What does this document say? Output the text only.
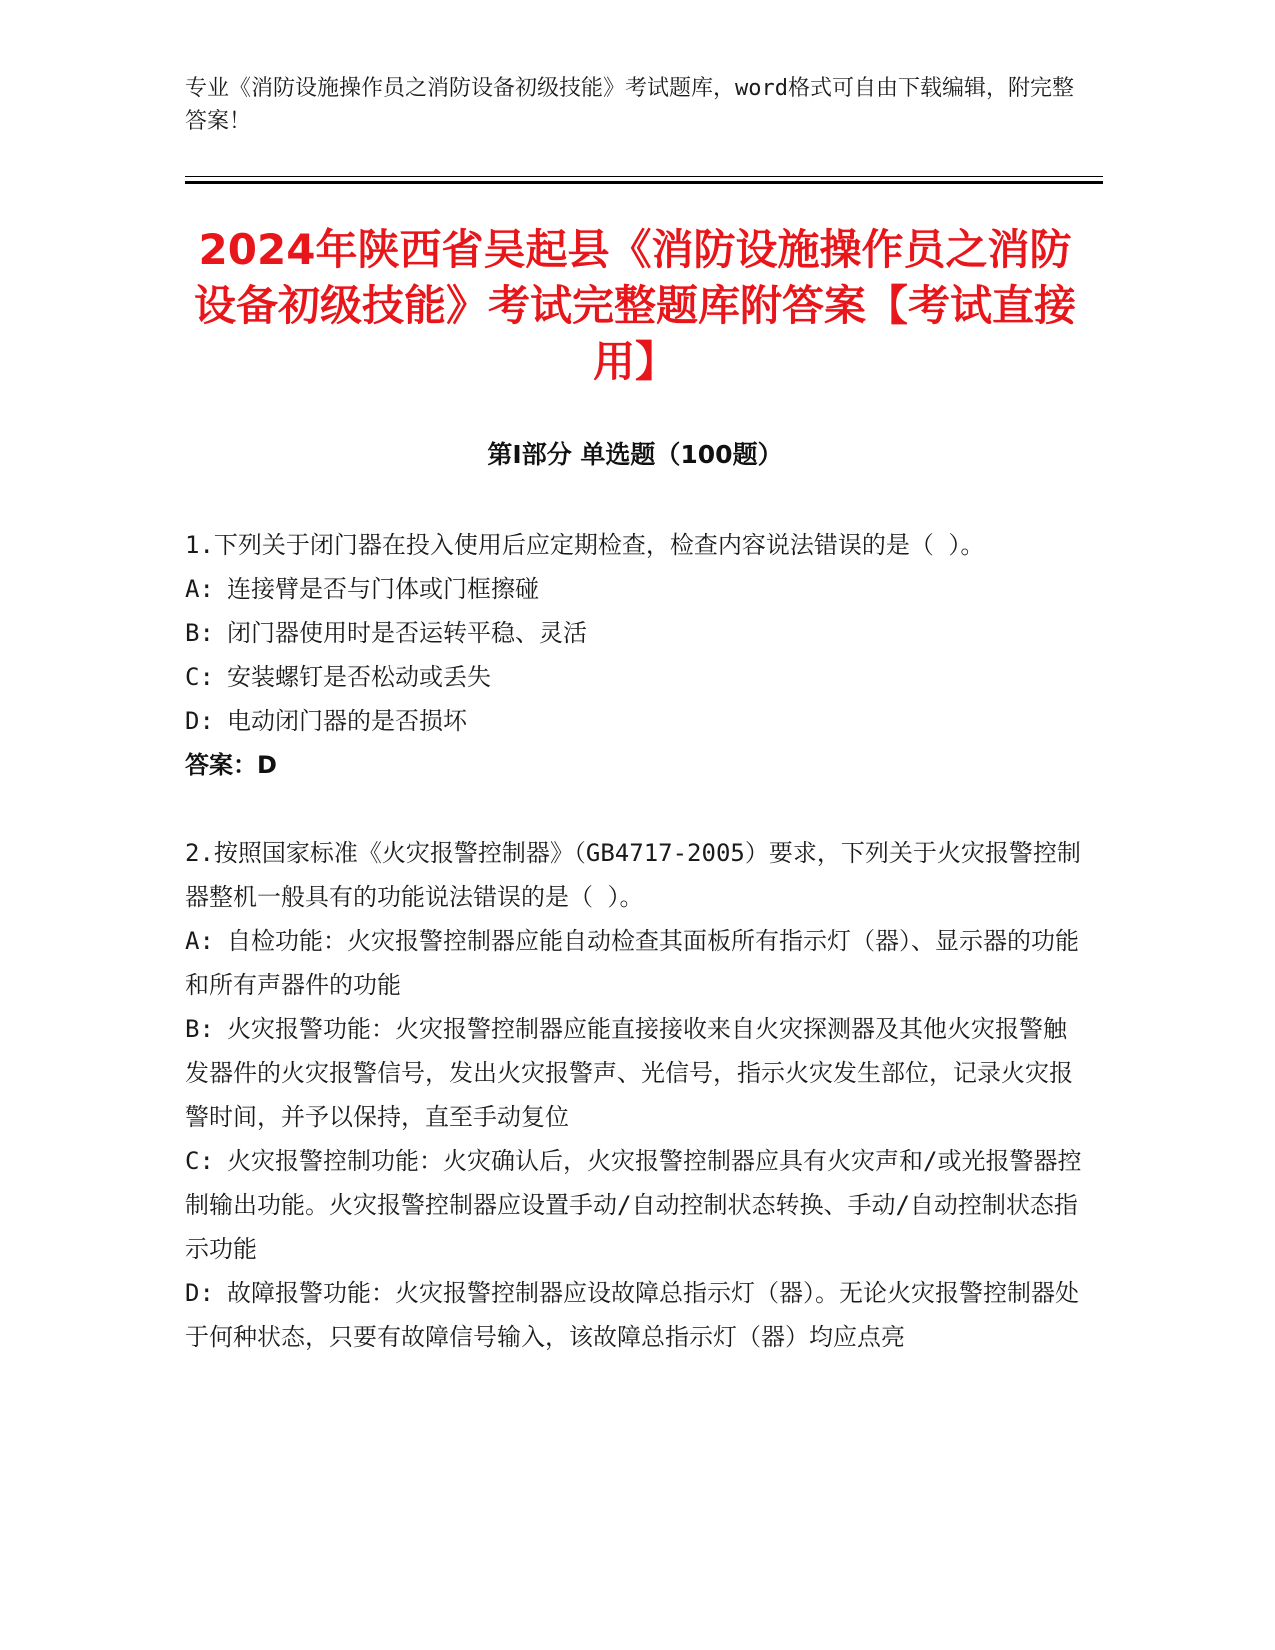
专业《消防设施操作员之消防设备初级技能》考试题库，word格式可自由下载编辑，附完整答案！
2024年陕西省吴起县《消防设施操作员之消防设备初级技能》考试完整题库附答案【考试直接用】
第Ⅰ部分 单选题（100题）

1.下列关于闭门器在投入使用后应定期检查，检查内容说法错误的是（ ）。

A: 连接臂是否与门体或门框擦碰

B: 闭门器使用时是否运转平稳、灵活

C: 安装螺钉是否松动或丢失

D: 电动闭门器的是否损坏

答案：D

2.按照国家标准《火灾报警控制器》（GB4717-2005）要求，下列关于火灾报警控制器整机一般具有的功能说法错误的是（ ）。

A: 自检功能：火灾报警控制器应能自动检查其面板所有指示灯（器）、显示器的功能和所有声器件的功能

B: 火灾报警功能：火灾报警控制器应能直接接收来自火灾探测器及其他火灾报警触发器件的火灾报警信号，发出火灾报警声、光信号，指示火灾发生部位，记录火灾报警时间，并予以保持，直至手动复位

C: 火灾报警控制功能：火灾确认后，火灾报警控制器应具有火灾声和/或光报警器控制输出功能。火灾报警控制器应设置手动/自动控制状态转换、手动/自动控制状态指示功能

D: 故障报警功能：火灾报警控制器应设故障总指示灯（器）。无论火灾报警控制器处于何种状态，只要有故障信号输入，该故障总指示灯（器）均应点亮
